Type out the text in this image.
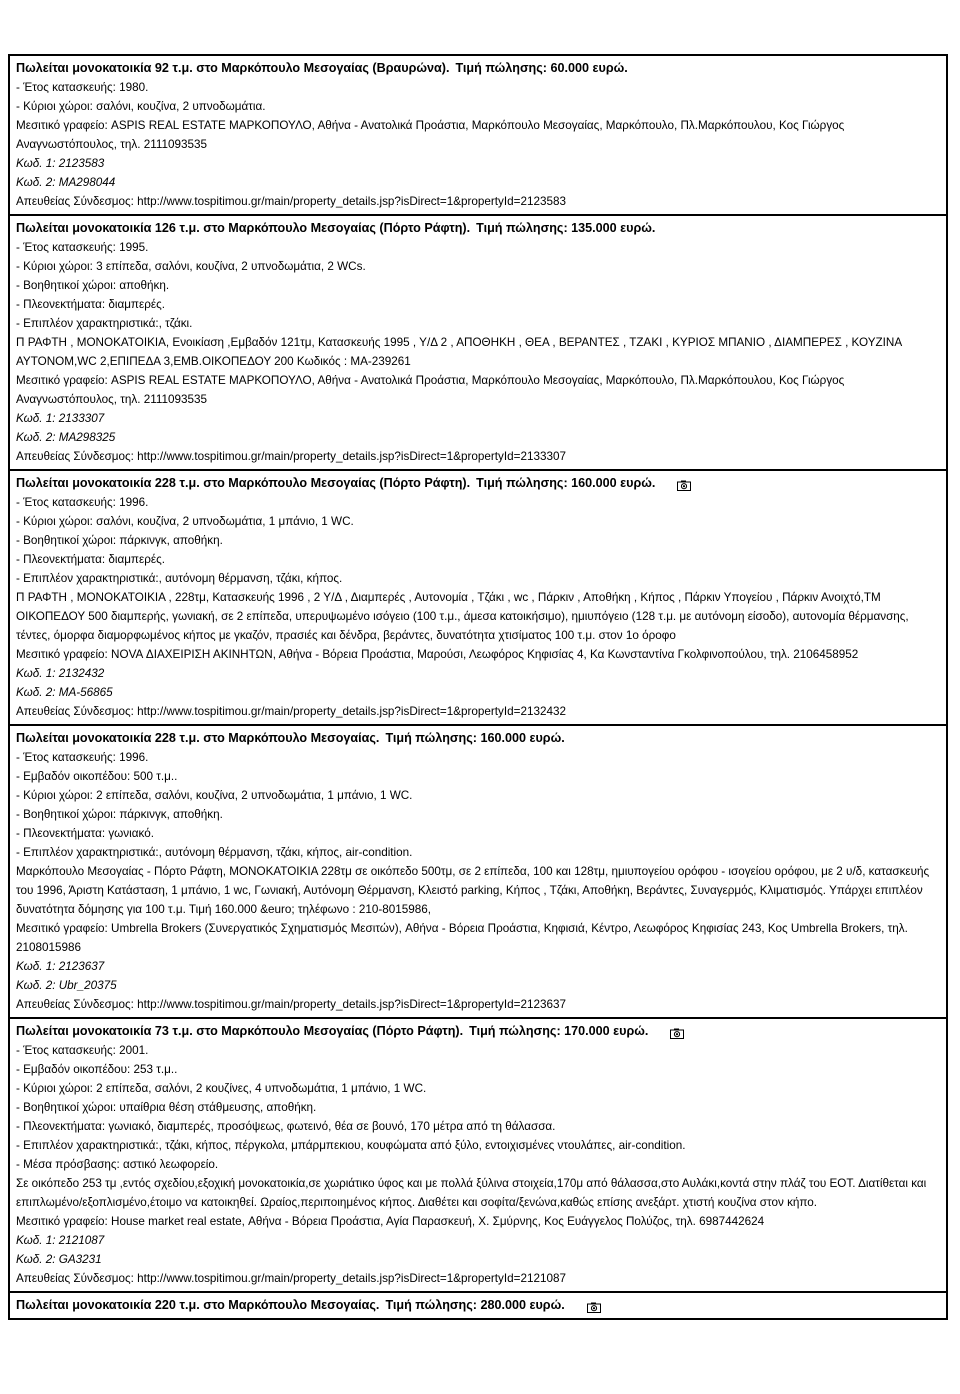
Πωλείται μονοκατοικία 92 τ.μ. στο Μαρκόπουλο Μεσογαίας (Βραυρώνα). Τιμή πώλησης: 60.000 ευρώ.
- Έτος κατασκευής: 1980.
- Κύριοι χώροι: σαλόνι, κουζίνα, 2 υπνοδωμάτια.
Μεσιτικό γραφείο: ASPIS REAL ESTATE ΜΑΡΚΟΠΟΥΛΟ, Αθήνα - Ανατολικά Προάστια, Μαρκόπουλο Μεσογαίας, Μαρκόπουλο, Πλ.Μαρκόπουλου, Κος Γιώργος Αναγνωστόπουλος, τηλ. 2111093535
Κωδ. 1: 2123583
Κωδ. 2: ΜΑ298044
Απευθείας Σύνδεσμος: http://www.tospitimou.gr/main/property_details.jsp?isDirect=1&propertyId=2123583
Πωλείται μονοκατοικία 126 τ.μ. στο Μαρκόπουλο Μεσογαίας (Πόρτο Ράφτη). Τιμή πώλησης: 135.000 ευρώ.
- Έτος κατασκευής: 1995.
- Κύριοι χώροι: 3 επίπεδα, σαλόνι, κουζίνα, 2 υπνοδωμάτια, 2 WCs.
- Βοηθητικοί χώροι: αποθήκη.
- Πλεονεκτήματα: διαμπερές.
- Επιπλέον χαρακτηριστικά:, τζάκι.
Π ΡΑΦΤΗ , ΜΟΝΟΚΑΤΟΙΚΙΑ, Ενοικίαση ,Εμβαδόν 121τμ, Κατασκευής 1995 , Υ/Δ 2 , ΑΠΟΘΗΚΗ , ΘΕΑ , ΒΕΡΑΝΤΕΣ , ΤΖΑΚΙ , ΚΥΡΙΟΣ ΜΠΑΝΙΟ , ΔΙΑΜΠΕΡΕΣ , ΚΟΥΖΙΝΑ ΑΥΤΟΝΟΜ,WC 2,ΕΠΙΠΕΔΑ 3,ΕΜΒ.ΟΙΚΟΠΕΔΟΥ 200 Κωδικός : ΜΑ-239261
Μεσιτικό γραφείο: ASPIS REAL ESTATE ΜΑΡΚΟΠΟΥΛΟ, Αθήνα - Ανατολικά Προάστια, Μαρκόπουλο Μεσογαίας, Μαρκόπουλο, Πλ.Μαρκόπουλου, Κος Γιώργος Αναγνωστόπουλος, τηλ. 2111093535
Κωδ. 1: 2133307
Κωδ. 2: ΜΑ298325
Απευθείας Σύνδεσμος: http://www.tospitimou.gr/main/property_details.jsp?isDirect=1&propertyId=2133307
Πωλείται μονοκατοικία 228 τ.μ. στο Μαρκόπουλο Μεσογαίας (Πόρτο Ράφτη). Τιμή πώλησης: 160.000 ευρώ.
- Έτος κατασκευής: 1996.
- Κύριοι χώροι: σαλόνι, κουζίνα, 2 υπνοδωμάτια, 1 μπάνιο, 1 WC.
- Βοηθητικοί χώροι: πάρκινγκ, αποθήκη.
- Πλεονεκτήματα: διαμπερές.
- Επιπλέον χαρακτηριστικά:, αυτόνομη θέρμανση, τζάκι, κήπος.
Π ΡΑΦΤΗ , ΜΟΝΟΚΑΤΟΙΚΙΑ , 228τμ, Κατασκευής 1996 , 2 Υ/Δ , Διαμπερές , Αυτονομία , Τζάκι , wc , Πάρκιν , Αποθήκη , Κήπος , Πάρκιν Υπογείου , Πάρκιν Ανοιχτό,ΤΜ ΟΙΚΟΠΕΔΟΥ 500 διαμπερής, γωνιακή, σε 2 επίπεδα, υπερυψωμένο ισόγειο (100 τ.μ., άμεσα κατοικήσιμο), ημιυπόγειο (128 τ.μ. με αυτόνομη είσοδο), αυτονομία θέρμανσης, τέντες, όμορφα διαμορφωμένος κήπος με γκαζόν, πρασιές και δένδρα, βεράντες, δυνατότητα χτισίματος 100 τ.μ. στον 1ο όροφο
Μεσιτικό γραφείο: NOVA ΔΙΑΧΕΙΡΙΣΗ ΑΚΙΝΗΤΩΝ, Αθήνα - Βόρεια Προάστια, Μαρούσι, Λεωφόρος Κηφισίας 4, Κα Κωνσταντίνα Γκολφινοπούλου, τηλ. 2106458952
Κωδ. 1: 2132432
Κωδ. 2: ΜΑ-56865
Απευθείας Σύνδεσμος: http://www.tospitimou.gr/main/property_details.jsp?isDirect=1&propertyId=2132432
Πωλείται μονοκατοικία 228 τ.μ. στο Μαρκόπουλο Μεσογαίας. Τιμή πώλησης: 160.000 ευρώ.
- Έτος κατασκευής: 1996.
- Εμβαδόν οικοπέδου: 500 τ.μ..
- Κύριοι χώροι: 2 επίπεδα, σαλόνι, κουζίνα, 2 υπνοδωμάτια, 1 μπάνιο, 1 WC.
- Βοηθητικοί χώροι: πάρκινγκ, αποθήκη.
- Πλεονεκτήματα: γωνιακό.
- Επιπλέον χαρακτηριστικά:, αυτόνομη θέρμανση, τζάκι, κήπος, air-condition.
Μαρκόπουλο Μεσογαίας - Πόρτο Ράφτη, ΜΟΝΟΚΑΤΟΙΚΙΑ 228τμ σε οικόπεδο 500τμ, σε 2 επίπεδα, 100 και 128τμ, ημιυπογείου ορόφου - ισογείου ορόφου, με 2 υ/δ, κατασκευής του 1996, Άριστη Κατάσταση, 1 μπάνιο, 1 wc, Γωνιακή, Αυτόνομη Θέρμανση, Κλειστό parking, Κήπος , Τζάκι, Αποθήκη, Βεράντες, Συναγερμός, Κλιματισμός. Υπάρχει επιπλέον δυνατότητα δόμησης για 100 τ.μ. Τιμή 160.000 &euro; τηλέφωνο : 210-8015986,
Μεσιτικό γραφείο: Umbrella Brokers (Συνεργατικός Σχηματισμός Μεσιτών), Αθήνα - Βόρεια Προάστια, Κηφισιά, Κέντρο, Λεωφόρος Κηφισίας 243, Κος Umbrella Brokers, τηλ. 2108015986
Κωδ. 1: 2123637
Κωδ. 2: Ubr_20375
Απευθείας Σύνδεσμος: http://www.tospitimou.gr/main/property_details.jsp?isDirect=1&propertyId=2123637
Πωλείται μονοκατοικία 73 τ.μ. στο Μαρκόπουλο Μεσογαίας (Πόρτο Ράφτη). Τιμή πώλησης: 170.000 ευρώ.
- Έτος κατασκευής: 2001.
- Εμβαδόν οικοπέδου: 253 τ.μ..
- Κύριοι χώροι: 2 επίπεδα, σαλόνι, 2 κουζίνες, 4 υπνοδωμάτια, 1 μπάνιο, 1 WC.
- Βοηθητικοί χώροι: υπαίθρια θέση στάθμευσης, αποθήκη.
- Πλεονεκτήματα: γωνιακό, διαμπερές, προσόψεως, φωτεινό, θέα σε βουνό, 170 μέτρα από τη θάλασσα.
- Επιπλέον χαρακτηριστικά:, τζάκι, κήπος, πέργκολα, μπάρμπεκιου, κουφώματα από ξύλο, εντοιχισμένες ντουλάπες, air-condition.
- Μέσα πρόσβασης: αστικό λεωφορείο.
Σε οικόπεδο 253 τμ ,εντός σχεδίου,εξοχική μονοκατοικία,σε χωριάτικο ύφος και με πολλά ξύλινα στοιχεία,170μ από θάλασσα,στο Αυλάκι,κοντά στην πλάζ του ΕΟΤ. Διατίθεται και επιπλωμένο/εξοπλισμένο,έτοιμο να κατοικηθεί. Ωραίος,περιποιημένος κήπος. Διαθέτει και σοφίτα/ξενώνα,καθώς επίσης ανεξάρτ. χτιστή κουζίνα στον κήπο.
Μεσιτικό γραφείο: House market real estate, Αθήνα - Βόρεια Προάστια, Αγία Παρασκευή, Χ. Σμύρνης, Κος Ευάγγελος Πολύζος, τηλ. 6987442624
Κωδ. 1: 2121087
Κωδ. 2: GA3231
Απευθείας Σύνδεσμος: http://www.tospitimou.gr/main/property_details.jsp?isDirect=1&propertyId=2121087
Πωλείται μονοκατοικία 220 τ.μ. στο Μαρκόπουλο Μεσογαίας. Τιμή πώλησης: 280.000 ευρώ.
